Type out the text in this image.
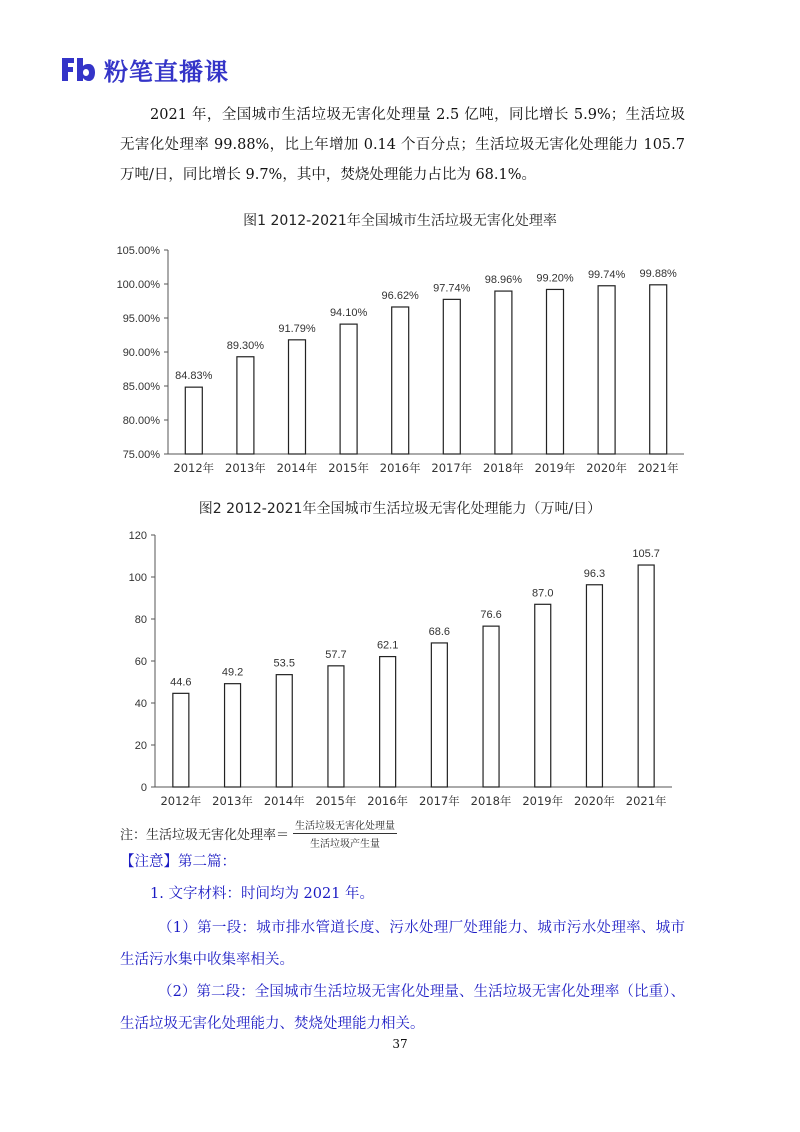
粉笔直播课
2021 年，全国城市生活垃圾无害化处理量 2.5 亿吨，同比增长 5.9%；生活垃圾无害化处理率 99.88%，比上年增加 0.14 个百分点；生活垃圾无害化处理能力 105.7 万吨/日，同比增长 9.7%，其中，焚烧处理能力占比为 68.1%。
图1 2012-2021年全国城市生活垃圾无害化处理率
75.00%
80.00%
85.00%
90.00%
95.00%
100.00%
105.00%
84.83%
2012年
89.30%
2013年
91.79%
2014年
94.10%
2015年
96.62%
2016年
97.74%
2017年
98.96%
2018年
99.20%
2019年
99.74%
2020年
99.88%
2021年
图2 2012-2021年全国城市生活垃圾无害化处理能力（万吨/日）
0
20
40
60
80
100
120
44.6
2012年
49.2
2013年
53.5
2014年
57.7
2015年
62.1
2016年
68.6
2017年
76.6
2018年
87.0
2019年
96.3
2020年
105.7
2021年
注：生活垃圾无害化处理率＝ $\frac{\text{生活垃圾无害化处理量}}{\text{生活垃圾产生量}}$
【注意】第二篇：
1. 文字材料：时间均为 2021 年。
（1）第一段：城市排水管道长度、污水处理厂处理能力、城市污水处理率、城市生活污水集中收集率相关。
（2）第二段：全国城市生活垃圾无害化处理量、生活垃圾无害化处理率（比重）、生活垃圾无害化处理能力、焚烧处理能力相关。
37
